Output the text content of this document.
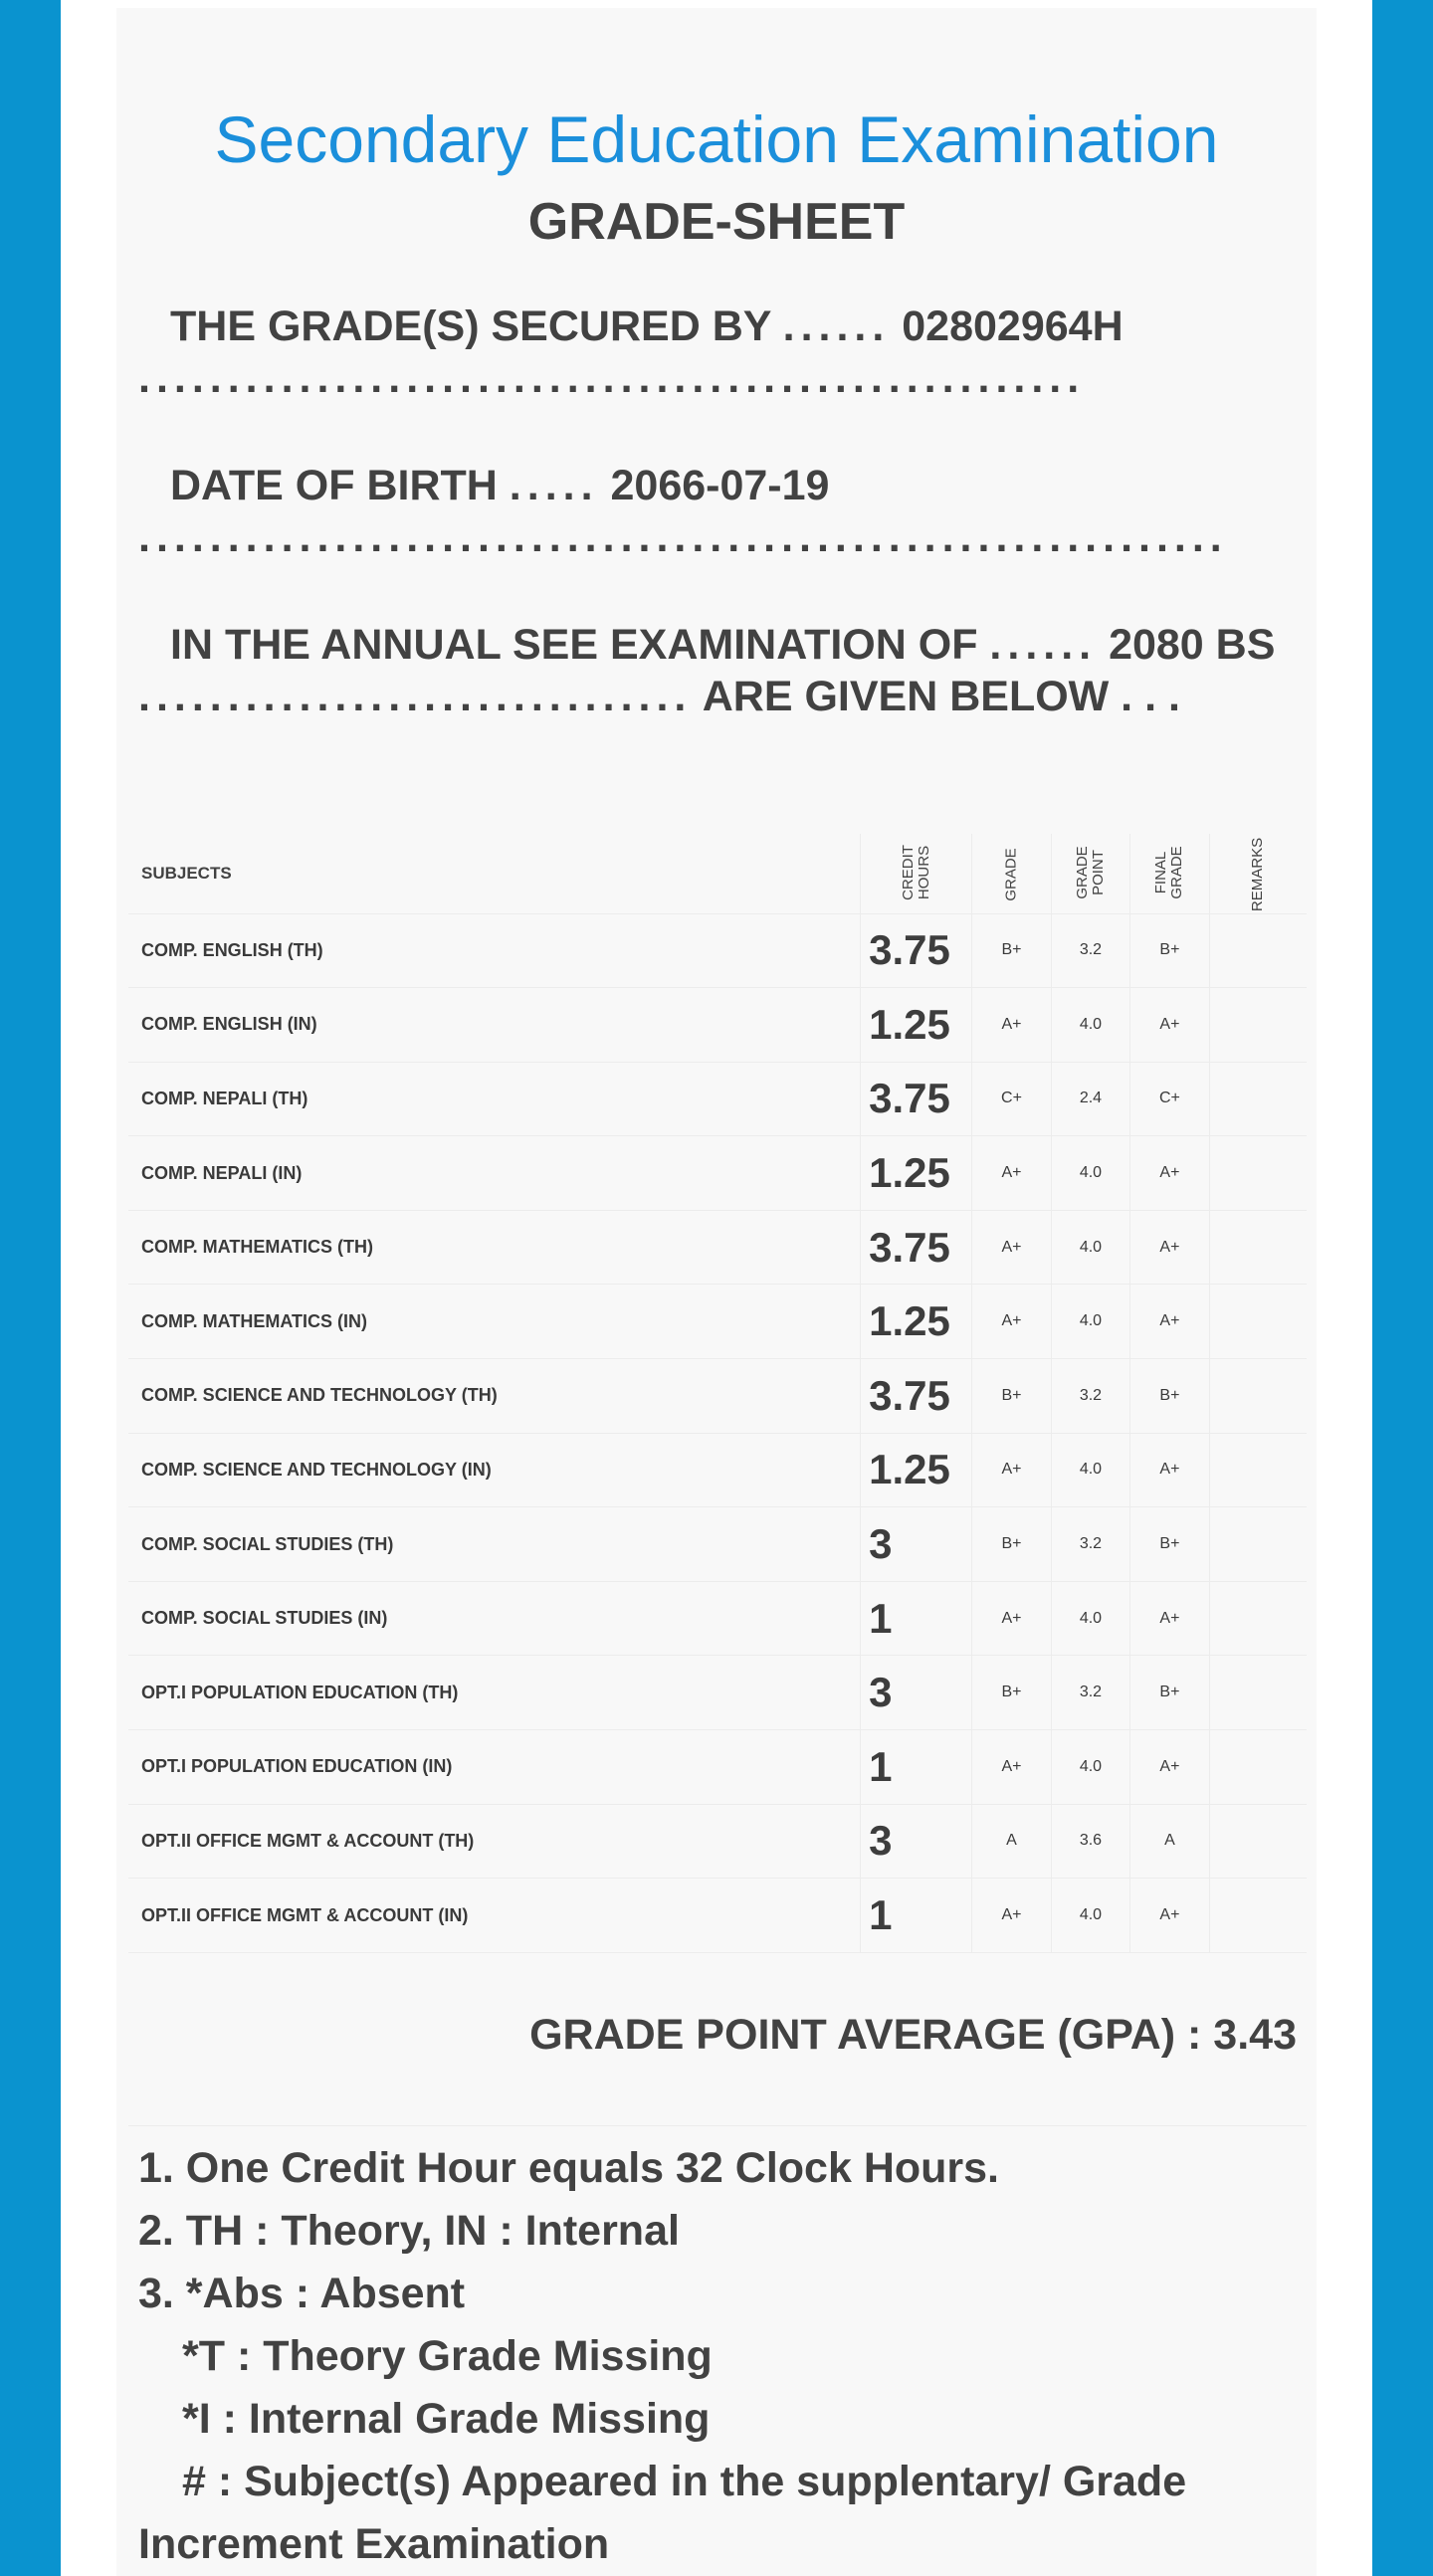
Secondary Education Examination
GRADE-SHEET

THE GRADE(S) SECURED BY ...... 02802964H .....................................................

DATE OF BIRTH ..... 2066-07-19 .............................................................

IN THE ANNUAL SEE EXAMINATION OF ...... 2080 BS ............................... ARE GIVEN BELOW . . .

SUBJECTS	CREDIT HOURS	GRADE	GRADE POINT	FINAL GRADE	REMARKS
COMP. ENGLISH (TH)	3.75	B+	3.2	B+	
COMP. ENGLISH (IN)	1.25	A+	4.0	A+	
COMP. NEPALI (TH)	3.75	C+	2.4	C+	
COMP. NEPALI (IN)	1.25	A+	4.0	A+	
COMP. MATHEMATICS (TH)	3.75	A+	4.0	A+	
COMP. MATHEMATICS (IN)	1.25	A+	4.0	A+	
COMP. SCIENCE AND TECHNOLOGY (TH)	3.75	B+	3.2	B+	
COMP. SCIENCE AND TECHNOLOGY (IN)	1.25	A+	4.0	A+	
COMP. SOCIAL STUDIES (TH)	3	B+	3.2	B+	
COMP. SOCIAL STUDIES (IN)	1	A+	4.0	A+	
OPT.I POPULATION EDUCATION (TH)	3	B+	3.2	B+	
OPT.I POPULATION EDUCATION (IN)	1	A+	4.0	A+	
OPT.II OFFICE MGMT & ACCOUNT (TH)	3	A	3.6	A	
OPT.II OFFICE MGMT & ACCOUNT (IN)	1	A+	4.0	A+	
GRADE POINT AVERAGE (GPA) : 3.43
1. One Credit Hour equals 32 Clock Hours.
2. TH : Theory, IN : Internal
3. *Abs : Absent
*T : Theory Grade Missing
*I : Internal Grade Missing
# : Subject(s) Appeared in the supplentary/ Grade Increment Examination
